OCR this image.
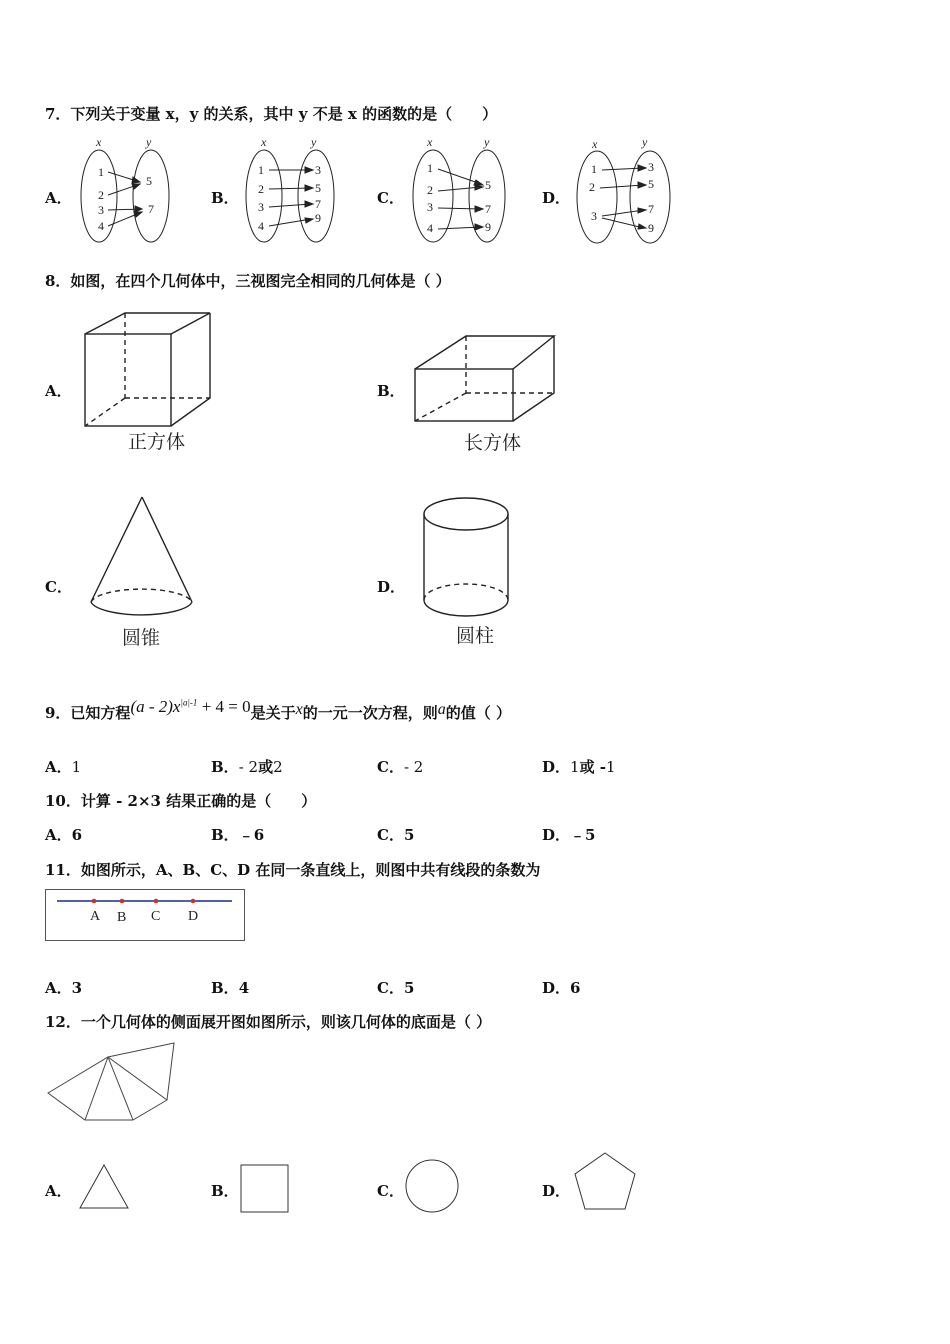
7．下列关于变量 x，y 的关系，其中 y 不是 x 的函数的是（　　）
A．
x	y
1
2
3
4
5
7
B．
x	y
1
2
3
4
3
5
7
9
C．
x	y
1
2
3
4
5
7
9
D．
x	y
1
2
3
3
5
7
9
8．如图，在四个几何体中，三视图完全相同的几何体是（ ）
A．
正方体
B．
长方体
C．
圆锥
D．
圆柱
9．已知方程$(a - 2)x^{|a|-1} + 4 = 0$是关于x的一元一次方程，则a的值（ ）
A．1	B．- 2或2	C．- 2	D．1或 -1
10．计算 - 2×3 结果正确的是（　　）
A．6	B．﹣6	C．5	D．﹣5
11．如图所示，A、B、C、D 在同一条直线上，则图中共有线段的条数为
A B C D
A．3	B．4	C．5	D．6
12．一个几何体的侧面展开图如图所示，则该几何体的底面是（ ）
A．	B．	C．	D．
